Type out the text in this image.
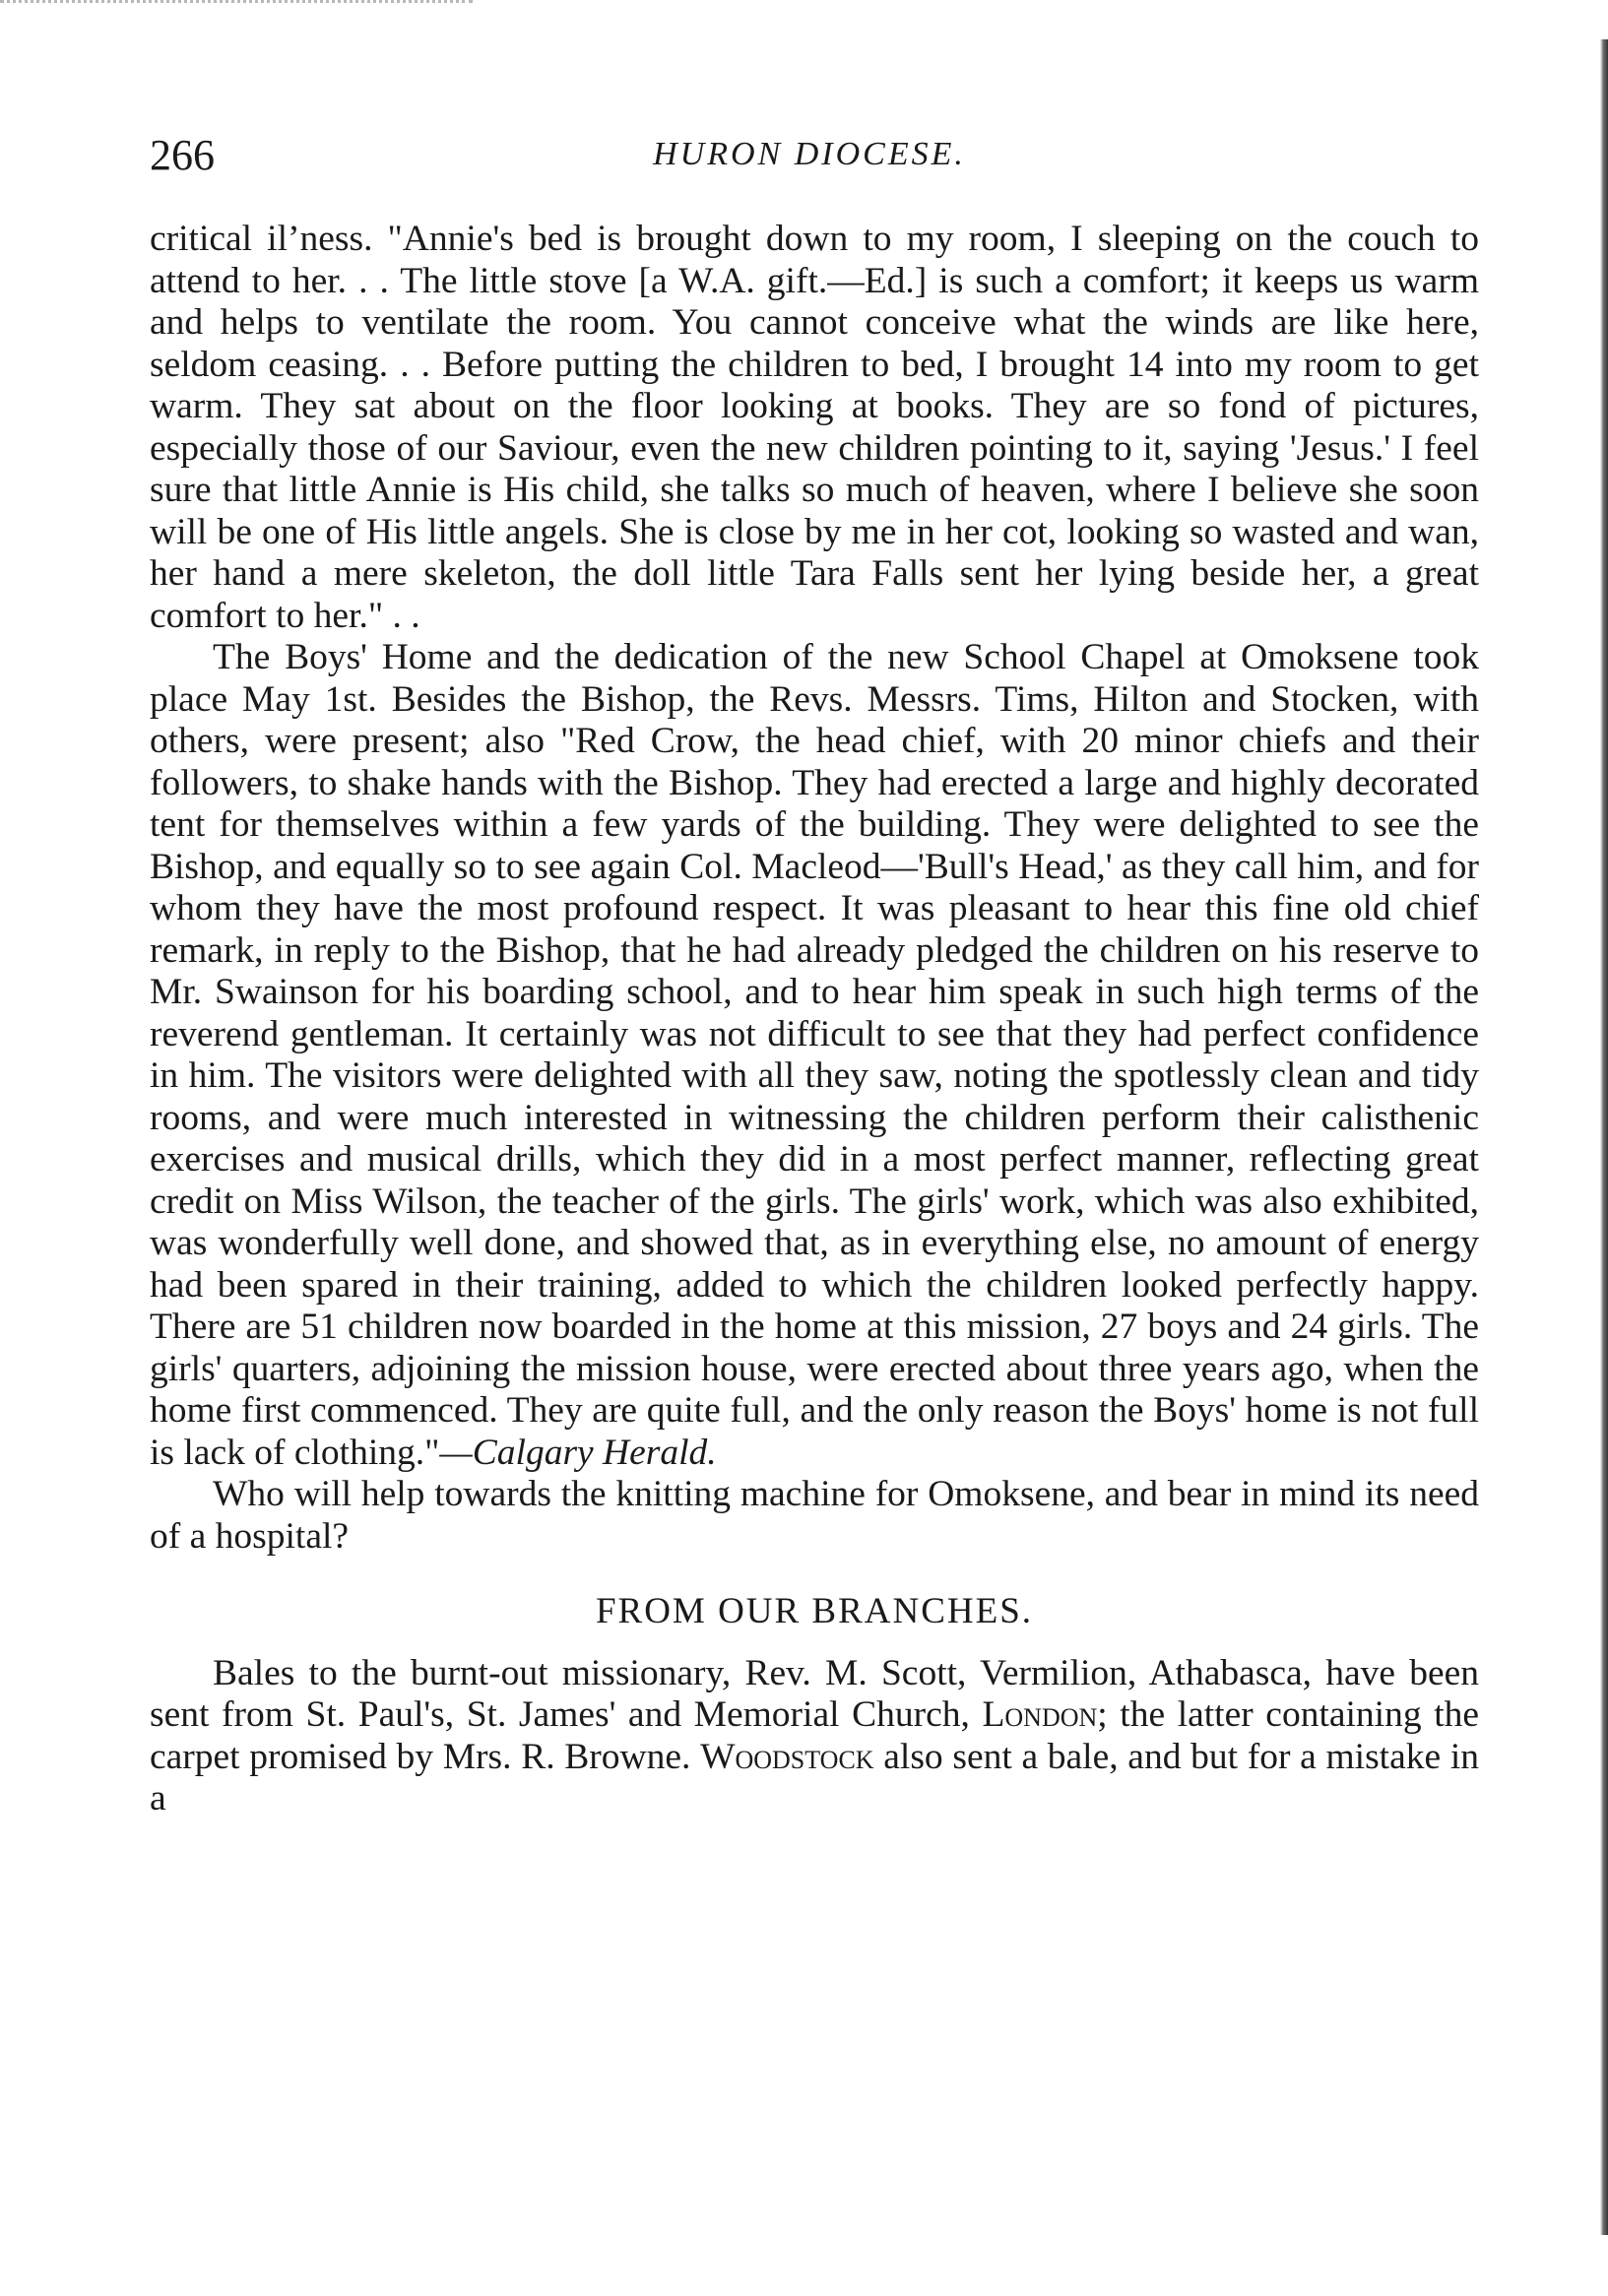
266	HURON DIOCESE.

critical ilʼness. "Annie's bed is brought down to my room, I sleeping on the couch to attend to her. . . The little stove [a W.A. gift.—Ed.] is such a comfort; it keeps us warm and helps to ventilate the room. You cannot conceive what the winds are like here, seldom ceasing. . . Before putting the children to bed, I brought 14 into my room to get warm. They sat about on the floor looking at books. They are so fond of pictures, especially those of our Saviour, even the new children pointing to it, saying 'Jesus.' I feel sure that little Annie is His child, she talks so much of heaven, where I believe she soon will be one of His little angels. She is close by me in her cot, looking so wasted and wan, her hand a mere skeleton, the doll little Tara Falls sent her lying beside her, a great comfort to her." . .

The Boys' Home and the dedication of the new School Chapel at Omoksene took place May 1st. Besides the Bishop, the Revs. Messrs. Tims, Hilton and Stocken, with others, were present; also "Red Crow, the head chief, with 20 minor chiefs and their followers, to shake hands with the Bishop. They had erected a large and highly decorated tent for themselves within a few yards of the building. They were delighted to see the Bishop, and equally so to see again Col. Macleod—'Bull's Head,' as they call him, and for whom they have the most profound respect. It was pleasant to hear this fine old chief remark, in reply to the Bishop, that he had already pledged the children on his reserve to Mr. Swainson for his boarding school, and to hear him speak in such high terms of the reverend gentleman. It certainly was not difficult to see that they had perfect confidence in him. The visitors were delighted with all they saw, noting the spotlessly clean and tidy rooms, and were much interested in witnessing the children perform their calisthenic exercises and musical drills, which they did in a most perfect manner, reflecting great credit on Miss Wilson, the teacher of the girls. The girls' work, which was also exhibited, was wonderfully well done, and showed that, as in everything else, no amount of energy had been spared in their training, added to which the children looked perfectly happy. There are 51 children now boarded in the home at this mission, 27 boys and 24 girls. The girls' quarters, adjoining the mission house, were erected about three years ago, when the home first commenced. They are quite full, and the only reason the Boys' home is not full is lack of clothing."—Calgary Herald.

Who will help towards the knitting machine for Omoksene, and bear in mind its need of a hospital?

FROM OUR BRANCHES.

Bales to the burnt-out missionary, Rev. M. Scott, Vermilion, Athabasca, have been sent from St. Paul's, St. James' and Memorial Church, London; the latter containing the carpet promised by Mrs. R. Browne. Woodstock also sent a bale, and but for a mistake in a
